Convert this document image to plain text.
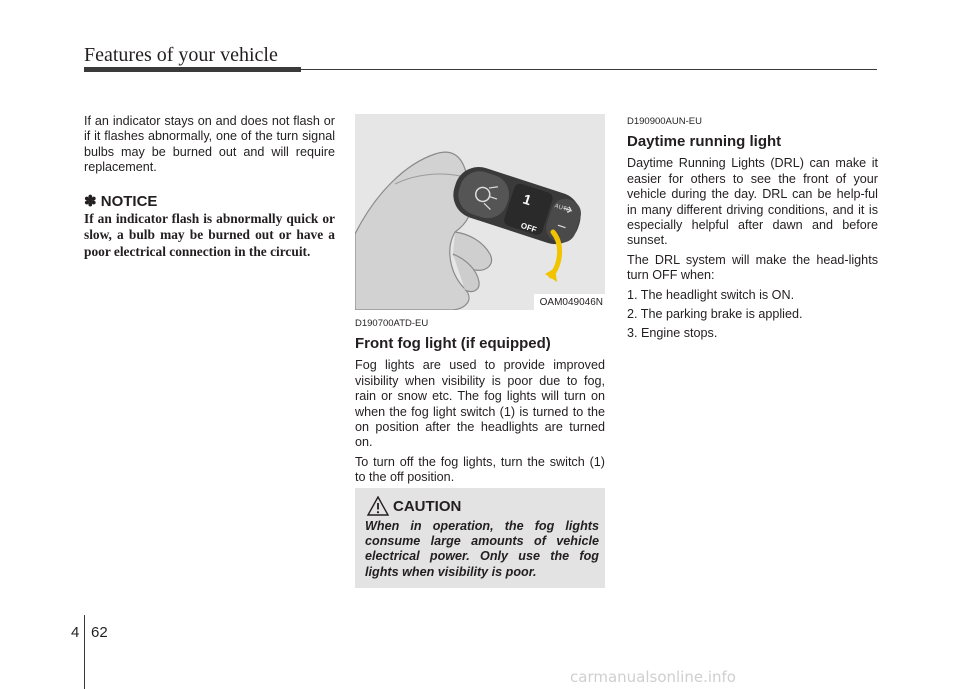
Features of your vehicle

If an indicator stays on and does not flash or if it flashes abnormally, one of the turn signal bulbs may be burned out and will require replacement.

✽ NOTICE

If an indicator flash is abnormally quick or slow, a bulb may be burned out or have a poor electrical connection in the circuit.

1
OFF
AUTO
OAM049046N
D190700ATD-EU
Front fog light (if equipped)

Fog lights are used to provide improved visibility when visibility is poor due to fog, rain or snow etc. The fog lights will turn on when the fog light switch (1) is turned to the on position after the headlights are turned on.

To turn off the fog lights, turn the switch (1) to the off position.

CAUTION
When in operation, the fog lights consume large amounts of vehicle electrical power. Only use the fog lights when visibility is poor.
D190900AUN-EU
Daytime running light

Daytime Running Lights (DRL) can make it easier for others to see the front of your vehicle during the day. DRL can be help-ful in many different driving conditions, and it is especially helpful after dawn and before sunset.

The DRL system will make the head-lights turn OFF when:

1. The headlight switch is ON.

2. The parking brake is applied.

3. Engine stops.

4 62
carmanualsonline.info
